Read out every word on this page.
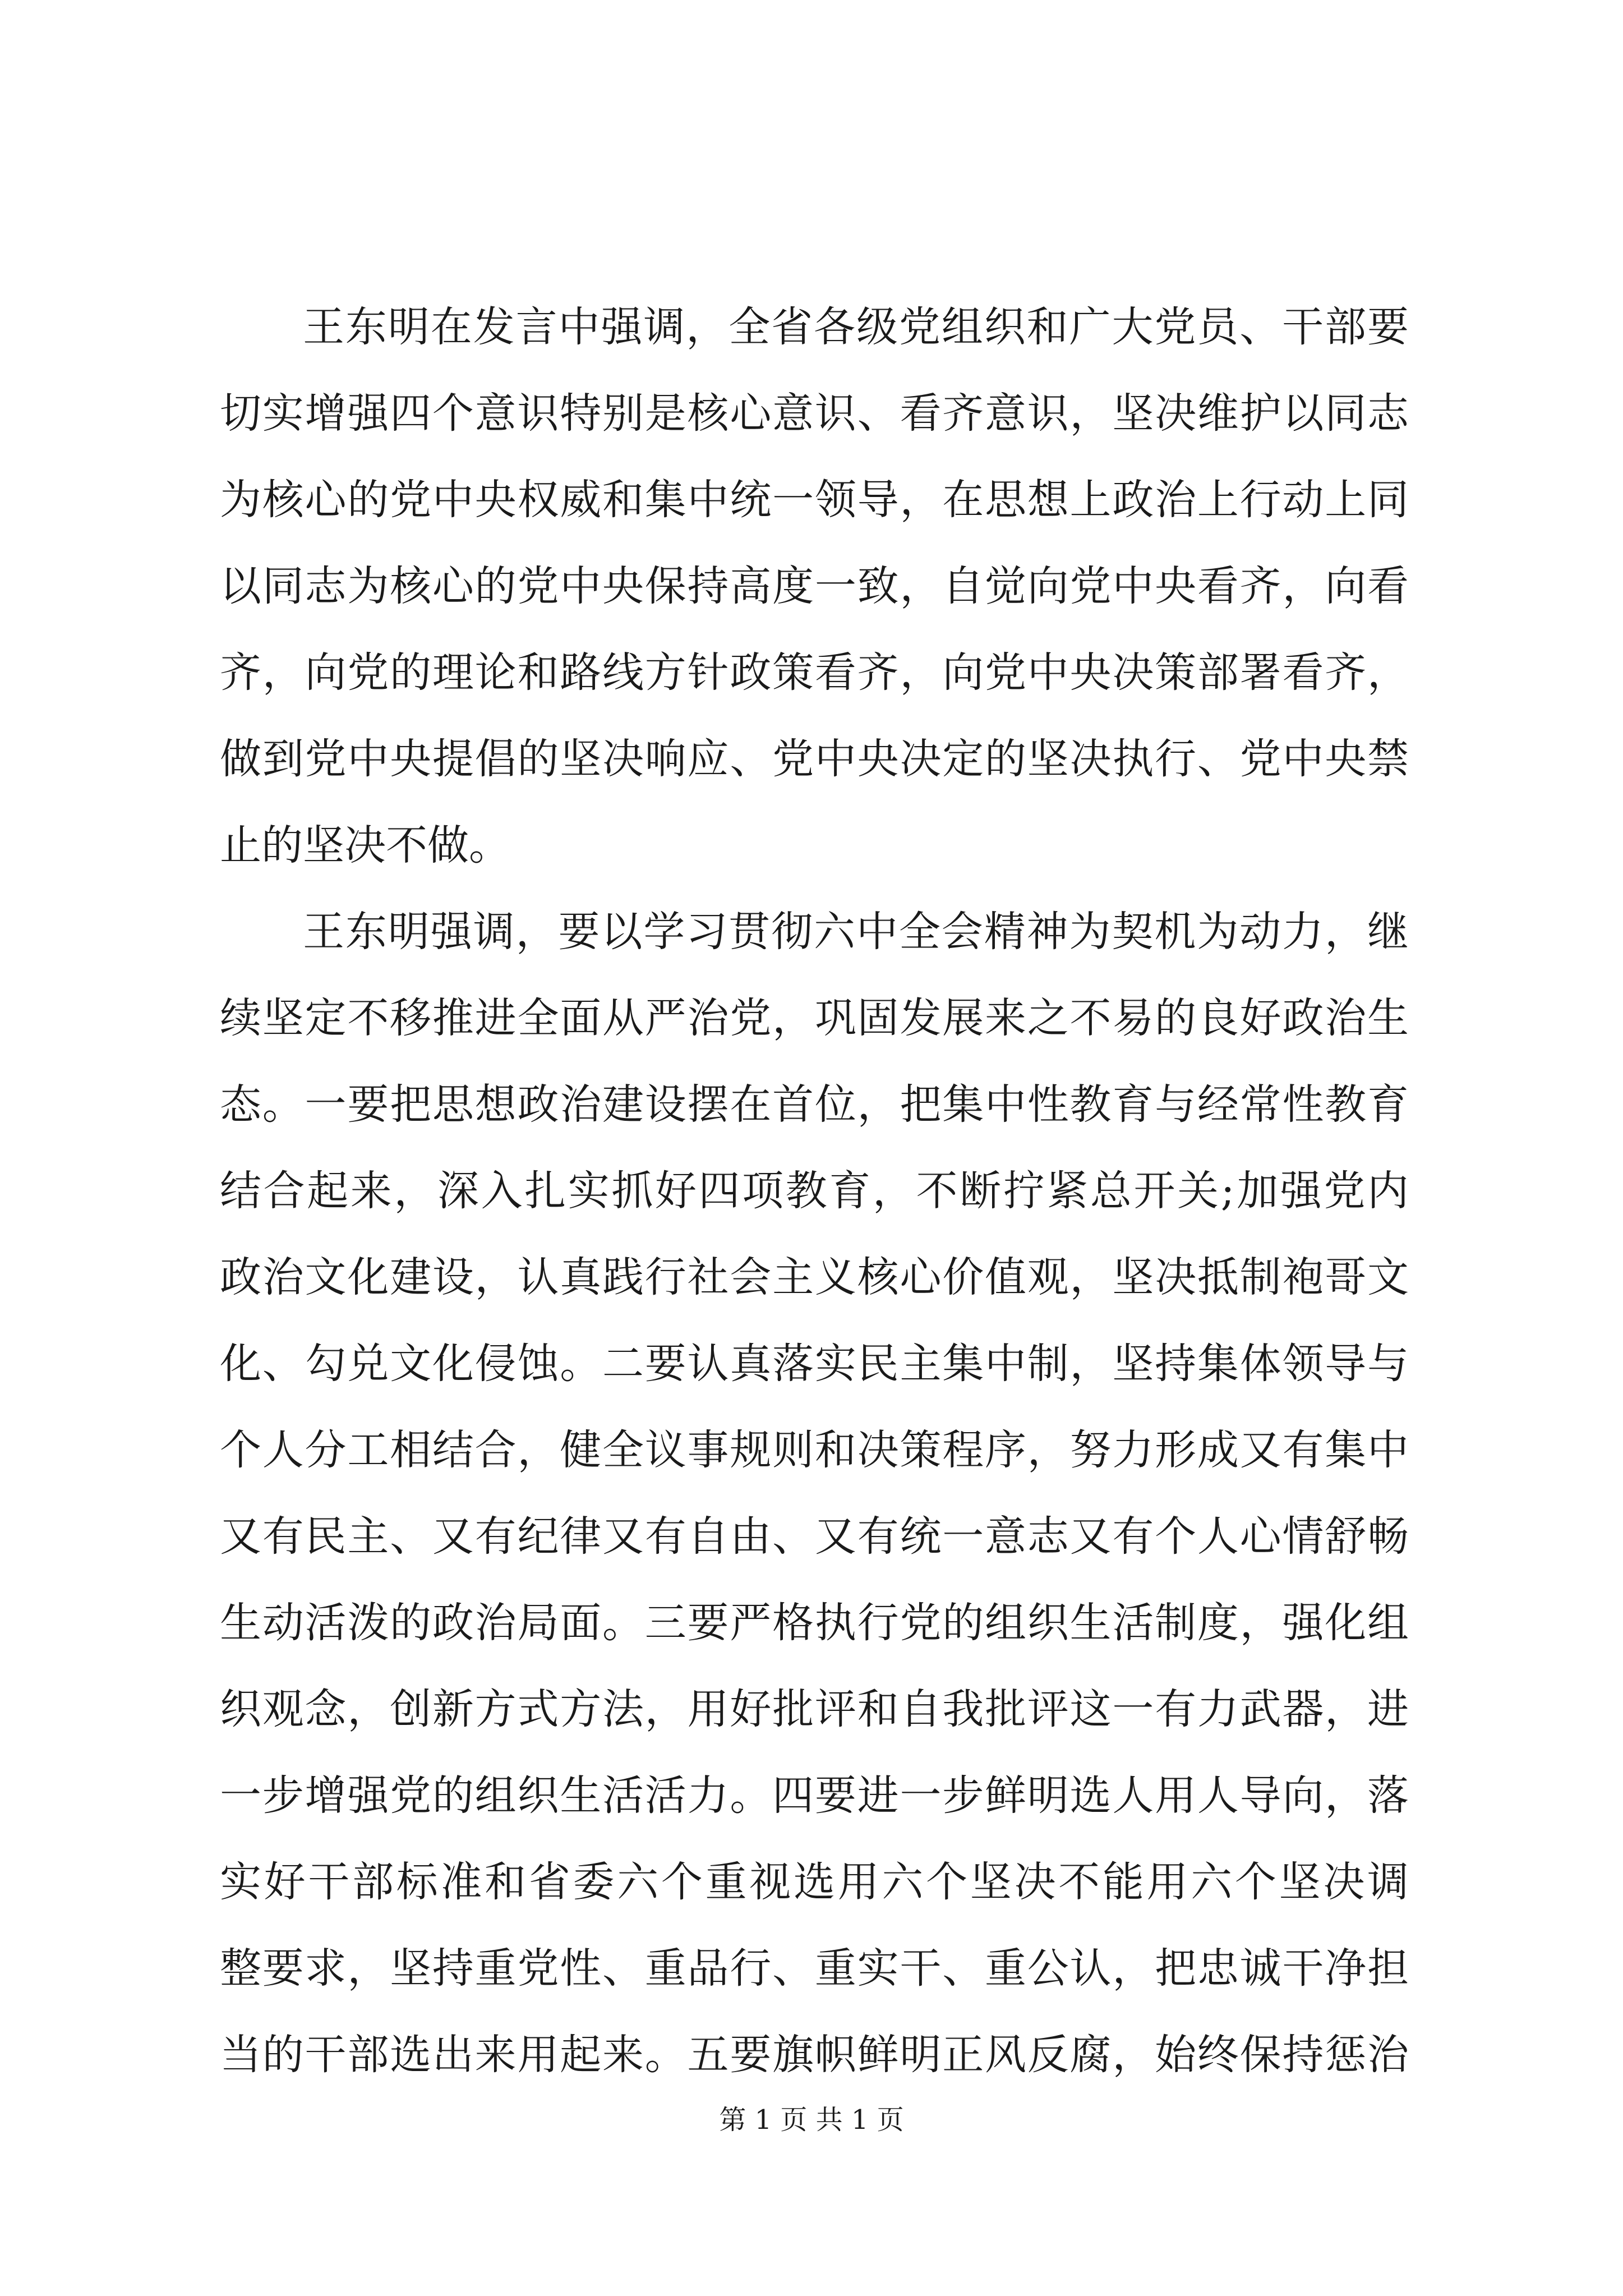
王东明在发言中强调，全省各级党组织和广大党员、干部要
切实增强四个意识特别是核心意识、看齐意识，坚决维护以同志
为核心的党中央权威和集中统一领导，在思想上政治上行动上同
以同志为核心的党中央保持高度一致，自觉向党中央看齐，向看
齐，向党的理论和路线方针政策看齐，向党中央决策部署看齐，
做到党中央提倡的坚决响应、党中央决定的坚决执行、党中央禁
止的坚决不做。
王东明强调，要以学习贯彻六中全会精神为契机为动力，继
续坚定不移推进全面从严治党，巩固发展来之不易的良好政治生
态。一要把思想政治建设摆在首位，把集中性教育与经常性教育
结合起来，深入扎实抓好四项教育，不断拧紧总开关;加强党内
政治文化建设，认真践行社会主义核心价值观，坚决抵制袍哥文
化、勾兑文化侵蚀。二要认真落实民主集中制，坚持集体领导与
个人分工相结合，健全议事规则和决策程序，努力形成又有集中
又有民主、又有纪律又有自由、又有统一意志又有个人心情舒畅
生动活泼的政治局面。三要严格执行党的组织生活制度，强化组
织观念，创新方式方法，用好批评和自我批评这一有力武器，进
一步增强党的组织生活活力。四要进一步鲜明选人用人导向，落
实好干部标准和省委六个重视选用六个坚决不能用六个坚决调
整要求，坚持重党性、重品行、重实干、重公认，把忠诚干净担
当的干部选出来用起来。五要旗帜鲜明正风反腐，始终保持惩治
第 1 页 共 1 页
